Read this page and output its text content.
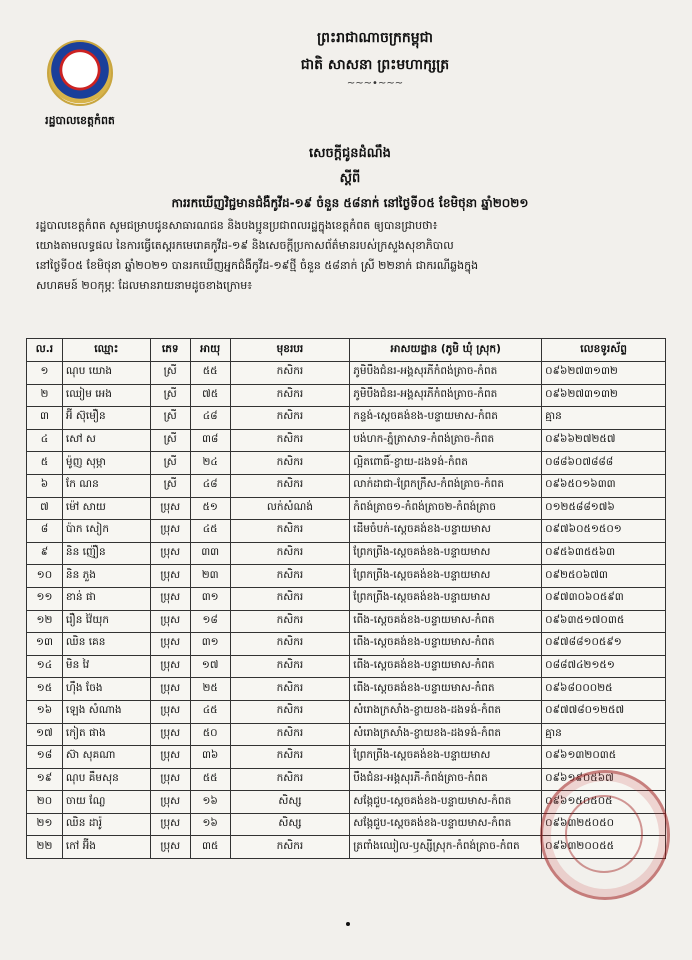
រដ្ឋបាលខេត្តកំពត
ព្រះរាជាណាចក្រកម្ពុជា
ជាតិ សាសនា ព្រះមហាក្សត្រ
~~~•~~~
សេចក្តីជូនដំណឹង
ស្តីពី
ការរកឃើញវិជ្ជមានជំងឺកូវីដ-១៩ ចំនួន ៥៨នាក់ នៅថ្ងៃទី០៥ ខែមិថុនា ឆ្នាំ២០២១
រដ្ឋបាលខេត្តកំពត សូមជម្រាបជូនសាធារណជន និងបងប្អូនប្រជាពលរដ្ឋក្នុងខេត្តកំពត ឲ្យបានជ្រាបថា៖
យោងតាមលទ្ធផល នៃការធ្វើតេស្តរកមេរោគកូវីដ-១៩ និងសេចក្តីប្រកាសព័ត៌មានរបស់ក្រសួងសុខាភិបាល
នៅថ្ងៃទី០៥ ខែមិថុនា ឆ្នាំ២០២១ បានរកឃើញអ្នកជំងឺកូវីដ-១៩ថ្មី ចំនួន ៥៨នាក់ ស្រី ២២នាក់ ជាករណីឆ្លងក្នុង
សហគមន៍ ២០កុម្ភៈ ដែលមានរាយនាមដូចខាងក្រោម៖
ល.រ	ឈ្មោះ	ភេទ	អាយុ	មុខរបរ	អាសយដ្ឋាន (ភូមិ ឃុំ ស្រុក)	លេខទូរស័ព្ទ
១	ណុប យោង	ស្រី	៥៥	កសិករ	ភូមិបឹងជំនរ-អង្គសុរភីកំពង់ត្រាច-កំពត	០៩៦២៧៣១៣២
២	ឈៀម អេង	ស្រី	៧៥	កសិករ	ភូមិបឹងជំនរ-អង្គសុរភីកំពង់ត្រាច-កំពត	០៩៦២៧៣១៣២
៣	អ៊ី ស៊ុមឿន	ស្រី	៤៨	កសិករ	កន្ទង់-ស្ដេចគង់ខង-បន្ទាយមាស-កំពត	គ្មាន
៤	សៅ ស	ស្រី	៣៨	កសិករ	បង់ហក-ភ្នំត្រាសាទ-កំពង់ត្រាច-កំពត	០៩៦៦២៧២៥៧
៥	ម៉ូញ សុម្ភា	ស្រី	២៤	កសិករ	ល្អិតពោធិ៍-ខ្ចាយ-ដងទង់-កំពត	០៨៨៦០៧៨៨៨
៦	កែ ណន	ស្រី	៤៨	កសិករ	លាក់ដាជា-ព្រែកក្រឹស-កំពង់ត្រាច-កំពត	០៩៦៥០១៦៣៣
៧	ម៉ៅ សាយ	ប្រុស	៥១	លក់សំណង់	កំពង់ត្រាច១-កំពង់ត្រាច២-កំពង់ត្រាច	០១២៥៨៨១៧៦
៨	ប៉ាក សៀក	ប្រុស	៤៥	កសិករ	ដើមចំបក់-ស្ដេចគង់ខង-បន្ទាយមាស	០៩៧៦០៥១៥០១
៩	និន ញ៉ឿន	ប្រុស	៣៣	កសិករ	ព្រែកព្រីង-ស្ដេចគង់ខង-បន្ទាយមាស	០៩៥៦៣៥៥៦៣
១០	និន ភួង	ប្រុស	២៣	កសិករ	ព្រែកព្រីង-ស្ដេចគង់ខង-បន្ទាយមាស	០៩២៥០៦៧៣
១១	ខាន់ ផា	ប្រុស	៣១	កសិករ	ព្រែកព្រីង-ស្ដេចគង់ខង-បន្ទាយមាស	០៩៧៣០៦០៥៩៣
១២	រឿន វ៉ៃយុក	ប្រុស	១៨	កសិករ	ពើង-ស្ដេចគង់ខង-បន្ទាយមាស-កំពត	០៩៦៣៥១៧០៣៥
១៣	ឈិន គេន	ប្រុស	៣១	កសិករ	ពើង-ស្ដេចគង់ខង-បន្ទាយមាស-កំពត	០៩៧៨៨១០៥៩១
១៤	មិន វៃ	ប្រុស	១៧	កសិករ	ពើង-ស្ដេចគង់ខង-បន្ទាយមាស-កំពត	០៨៨៧៤២១៥១
១៥	ហ៊ឹង ចែង	ប្រុស	២៥	កសិករ	ពើង-ស្ដេចគង់ខង-បន្ទាយមាស-កំពត	០៩៦៨០០០២៥
១៦	ឡេង សំណាង	ប្រុស	៤៥	កសិករ	សំរោងក្រសាំង-ខ្ចាយខង-ដងទង់-កំពត	០៩៧៧៨០១២៥៧
១៧	កៀត ផាង	ប្រុស	៥០	កសិករ	សំរោងក្រសាំង-ខ្ចាយខង-ដងទង់-កំពត	គ្មាន
១៨	ស៊ា សុគណា	ប្រុស	៣៦	កសិករ	ព្រែកព្រីង-ស្ដេចគង់ខង-បន្ទាយមាស	០៩៦១៣២០៣៥
១៩	ណុប គឹមសុន	ប្រុស	៥៥	កសិករ	បឹងជំនរ-អង្គសុរភី-កំពង់ត្រាច-កំពត	០៩៦១៩០៥៦៧
២០	ចាយ ណែ្ល	ប្រុស	១៦	សិស្ស	សង្កែជួប-ស្ដេចគង់ខង-បន្ទាយមាស-កំពត	០៩៦១៥០៥០៥
២១	ឈិន ដារ៉ូ	ប្រុស	១៦	សិស្ស	សង្កែជួប-ស្ដេចគង់ខង-បន្ទាយមាស-កំពត	០៩៦៣២៥០៥០
២២	កៅ អ៊ីង	ប្រុស	៣៥	កសិករ	ត្រពាំងឈៀល-ឫស្សីស្រុក-កំពង់ត្រាច-កំពត	០៩៦៣២០០៥៥
